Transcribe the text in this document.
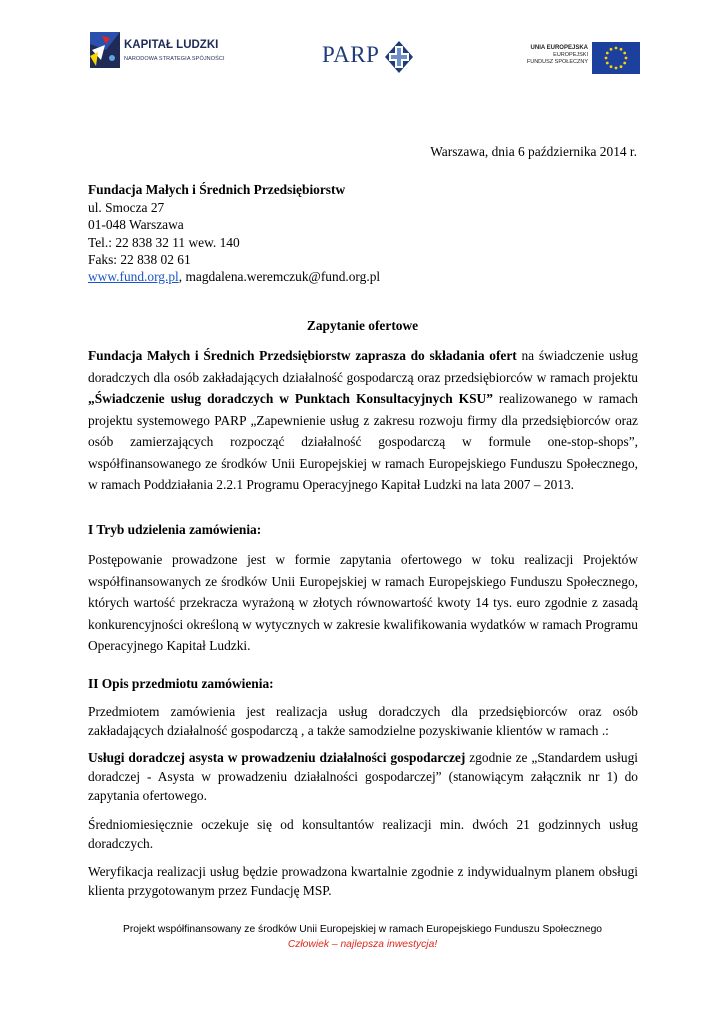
KAPITAŁ LUDZKI
NARODOWA STRATEGIA SPÓJNOŚCI	PARP	UNIA EUROPEJSKA
EUROPEJSKI
FUNDUSZ SPOŁECZNY
Warszawa, dnia 6 października 2014 r.
Fundacja Małych i Średnich Przedsiębiorstw
ul. Smocza 27
01-048 Warszawa
Tel.: 22 838 32 11 wew. 140
Faks: 22 838 02 61
www.fund.org.pl, magdalena.weremczuk@fund.org.pl
Zapytanie ofertowe
Fundacja Małych i Średnich Przedsiębiorstw zaprasza do składania ofert na świadczenie usług doradczych dla osób zakładających działalność gospodarczą oraz przedsiębiorców w ramach projektu „Świadczenie usług doradczych w Punktach Konsultacyjnych KSU” realizowanego w ramach projektu systemowego PARP „Zapewnienie usług z zakresu rozwoju firmy dla przedsiębiorców oraz osób zamierzających rozpocząć działalność gospodarczą w formule one-stop-shops”, współfinansowanego ze środków Unii Europejskiej w ramach Europejskiego Funduszu Społecznego, w ramach Poddziałania 2.2.1 Programu Operacyjnego Kapitał Ludzki na lata 2007 – 2013.
I Tryb udzielenia zamówienia:
Postępowanie prowadzone jest w formie zapytania ofertowego w toku realizacji Projektów współfinansowanych ze środków Unii Europejskiej w ramach Europejskiego Funduszu Społecznego, których wartość przekracza wyrażoną w złotych równowartość kwoty 14 tys. euro zgodnie z zasadą konkurencyjności określoną w wytycznych w zakresie kwalifikowania wydatków w ramach Programu Operacyjnego Kapitał Ludzki.
II Opis przedmiotu zamówienia:
Przedmiotem zamówienia jest realizacja usług doradczych dla przedsiębiorców oraz osób zakładających działalność gospodarczą , a także samodzielne pozyskiwanie klientów w ramach .:
Usługi doradczej asysta w prowadzeniu działalności gospodarczej zgodnie ze „Standardem usługi doradczej - Asysta w prowadzeniu działalności gospodarczej” (stanowiącym załącznik nr 1) do zapytania ofertowego.
Średniomiesięcznie oczekuje się od konsultantów realizacji min. dwóch 21 godzinnych usług doradczych.
Weryfikacja realizacji usług będzie prowadzona kwartalnie zgodnie z indywidualnym planem obsługi klienta przygotowanym przez Fundację MSP.
Projekt współfinansowany ze środków Unii Europejskiej w ramach Europejskiego Funduszu Społecznego
Człowiek – najlepsza inwestycja!
